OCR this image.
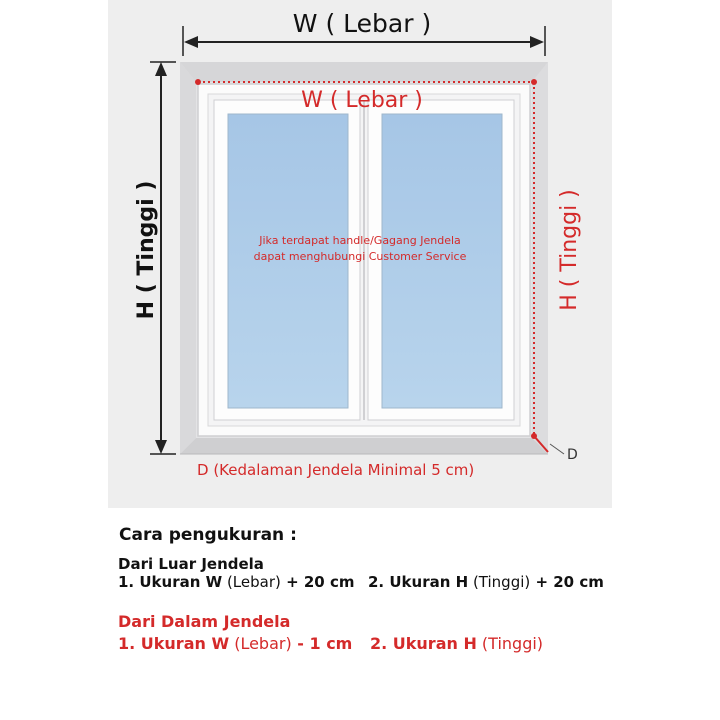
W ( Lebar )
H ( Tinggi )
W ( Lebar )
H ( Tinggi )
Jika terdapat handle/Gagang Jendela
dapat menghubungi Customer Service
D
D (Kedalaman Jendela Minimal 5 cm)
Cara pengukuran :
Dari Luar Jendela
1. Ukuran W (Lebar) + 20 cm 2. Ukuran H (Tinggi) + 20 cm
Dari Dalam Jendela
1. Ukuran W (Lebar) - 1 cm 2. Ukuran H (Tinggi)
